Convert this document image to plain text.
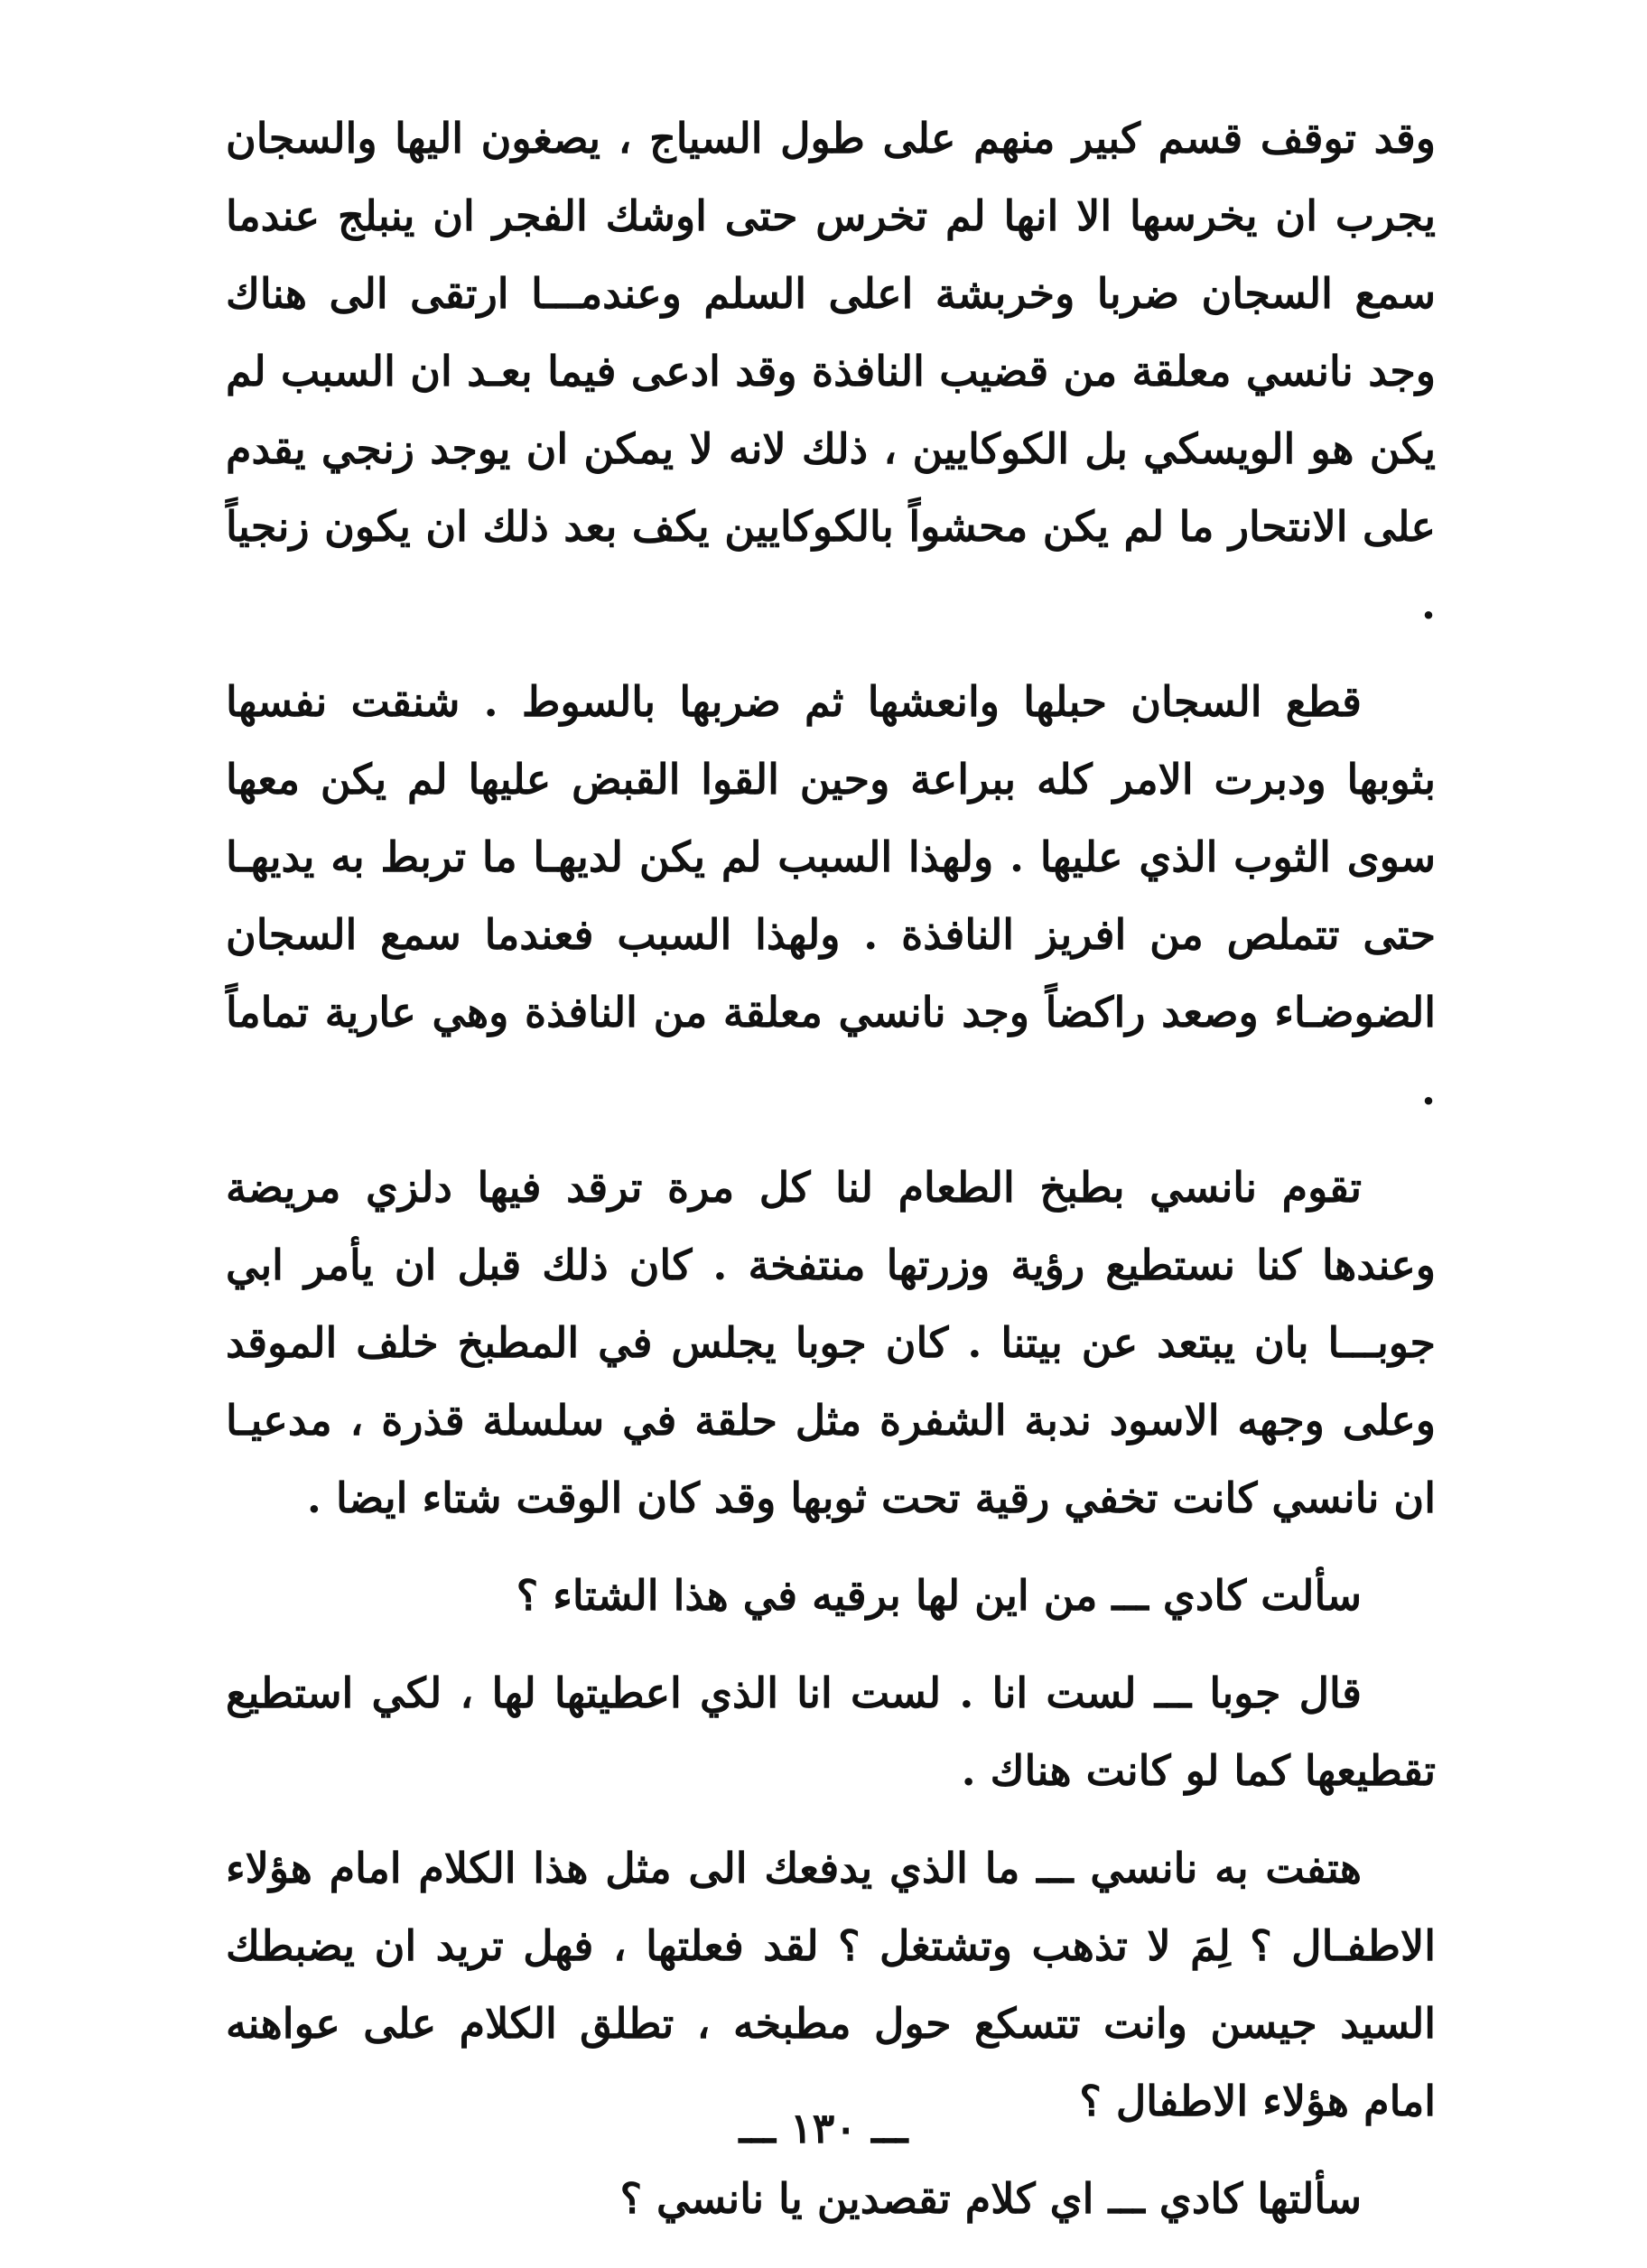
وقد توقف قسم كبير منهم على طول السياج ، يصغون اليها والسجان يجرب ان يخرسها الا انها لم تخرس حتى اوشك الفجر ان ينبلج عندما سمع السجان ضربا وخربشة اعلى السلم وعندمـــا ارتقى الى هناك وجد نانسي معلقة من قضيب النافذة وقد ادعى فيما بعـد ان السبب لم يكن هو الويسكي بل الكوكايين ، ذلك لانه لا يمكن ان يوجد زنجي يقدم على الانتحار ما لم يكن محشواً بالكوكايين يكف بعد ذلك ان يكون زنجياً .

قطع السجان حبلها وانعشها ثم ضربها بالسوط . شنقت نفسها بثوبها ودبرت الامر كله ببراعة وحين القوا القبض عليها لم يكن معها سوى الثوب الذي عليها . ولهذا السبب لم يكن لديهـا ما تربط به يديهـا حتى تتملص من افريز النافذة . ولهذا السبب فعندما سمع السجان الضوضـاء وصعد راكضاً وجد نانسي معلقة من النافذة وهي عارية تماماً .

تقوم نانسي بطبخ الطعام لنا كل مرة ترقد فيها دلزي مريضة وعندها كنا نستطيع رؤية وزرتها منتفخة . كان ذلك قبل ان يأمر ابي جوبـــا بان يبتعد عن بيتنا . كان جوبا يجلس في المطبخ خلف الموقد وعلى وجهه الاسود ندبة الشفرة مثل حلقة في سلسلة قذرة ، مدعيـا ان نانسي كانت تخفي رقية تحت ثوبها وقد كان الوقت شتاء ايضا .

سألت كادي ـــ من اين لها برقيه في هذا الشتاء ؟

قال جوبا ـــ لست انا . لست انا الذي اعطيتها لها ، لكي استطيع تقطيعها كما لو كانت هناك .

هتفت به نانسي ـــ ما الذي يدفعك الى مثل هذا الكلام امام هؤلاء الاطفـال ؟ لِمَ لا تذهب وتشتغل ؟ لقد فعلتها ، فهل تريد ان يضبطك السيد جيسن وانت تتسكع حول مطبخه ، تطلق الكلام على عواهنه امام هؤلاء الاطفال ؟

سألتها كادي ـــ اي كلام تقصدين يا نانسي ؟

ـــ ١٣٠ ـــ
